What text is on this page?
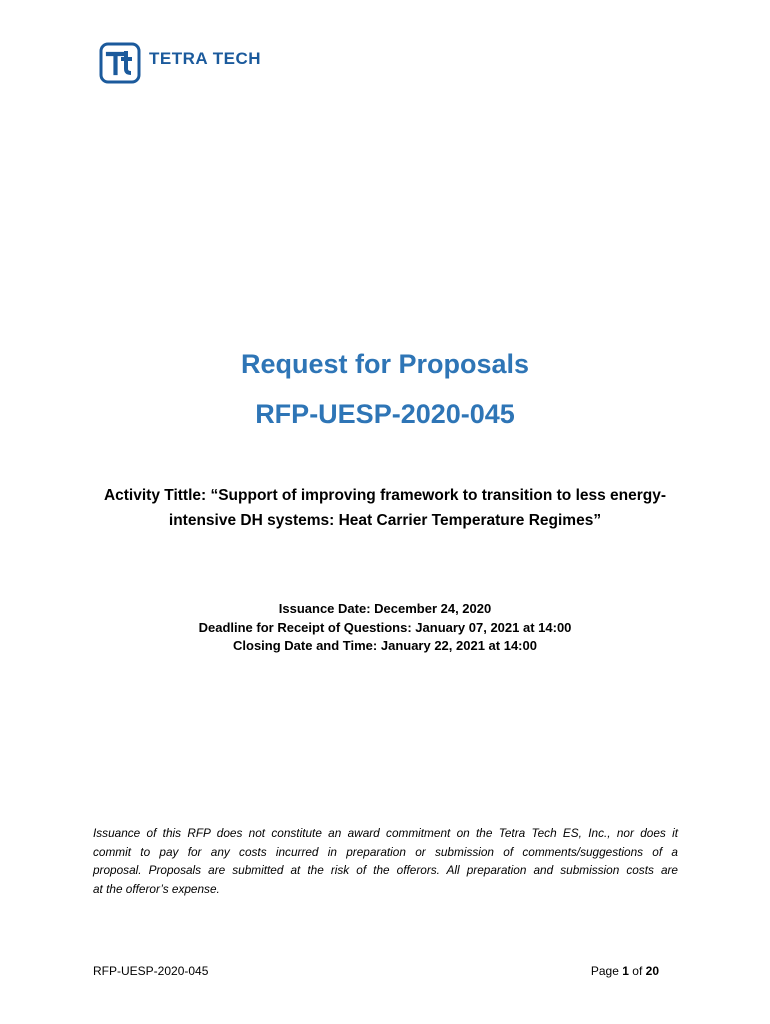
TETRA TECH
Request for Proposals
RFP-UESP-2020-045
Activity Tittle: “Support of improving framework to transition to less energy-
intensive DH systems: Heat Carrier Temperature Regimes”
Issuance Date: December 24, 2020
Deadline for Receipt of Questions: January 07, 2021 at 14:00
Closing Date and Time: January 22, 2021 at 14:00
Issuance of this RFP does not constitute an award commitment on the Tetra Tech ES, Inc., nor does it
commit to pay for any costs incurred in preparation or submission of comments/suggestions of a
proposal. Proposals are submitted at the risk of the offerors. All preparation and submission costs are
at the offeror’s expense.
RFP-UESP-2020-045	Page 1 of 20
